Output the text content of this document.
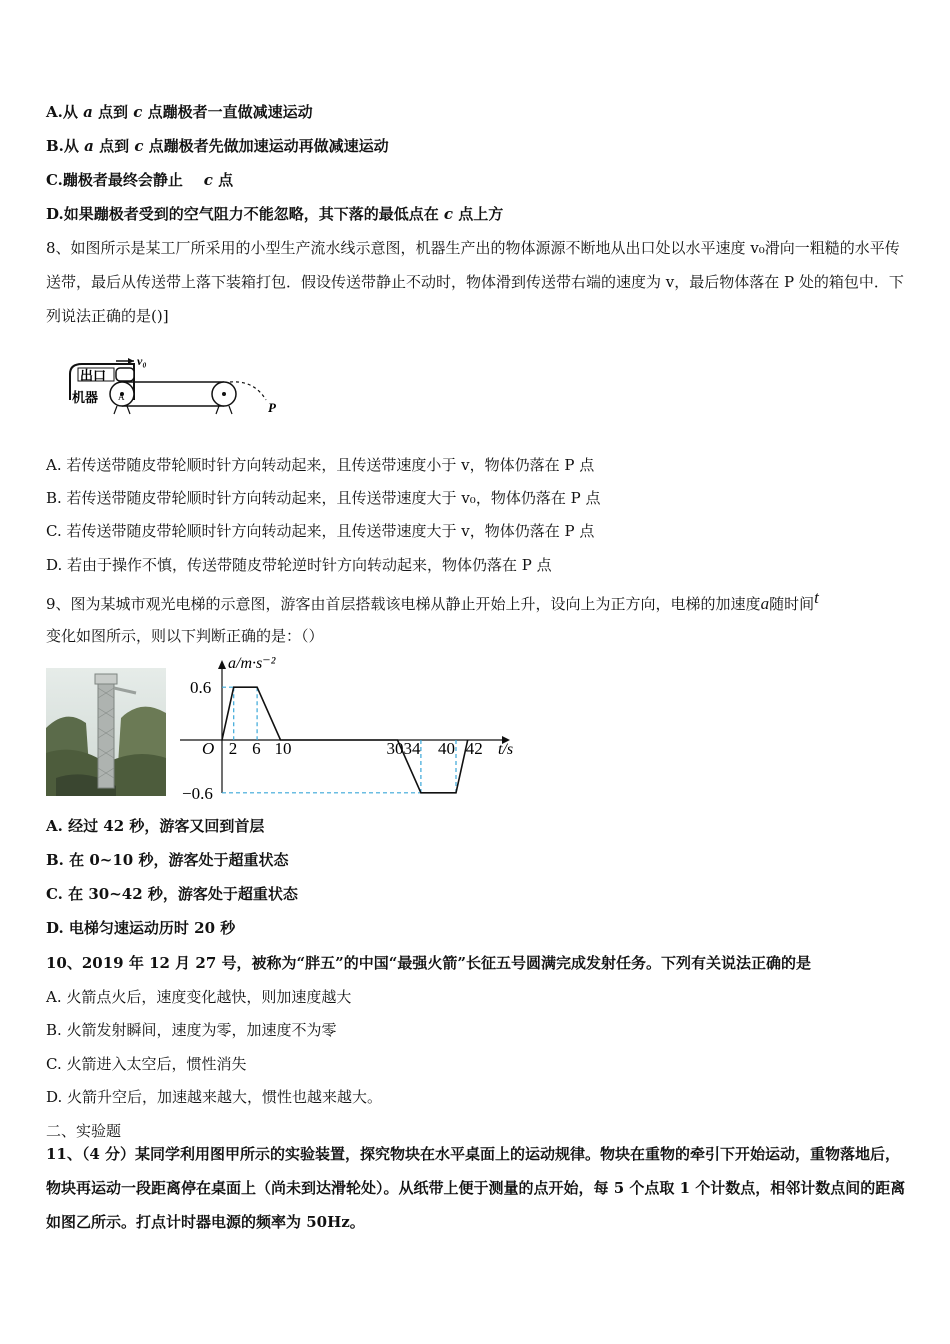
A.从 a 点到 c 点蹦极者一直做减速运动
B.从 a 点到 c 点蹦极者先做加速运动再做减速运动
C.蹦极者最终会静止    c 点
D.如果蹦极者受到的空气阻力不能忽略，其下落的最低点在 c 点上方
8、如图所示是某工厂所采用的小型生产流水线示意图，机器生产出的物体源源不断地从出口处以水平速度 v₀滑向一粗糙的水平传送带，最后从传送带上落下装箱打包．假设传送带静止不动时，物体滑到传送带右端的速度为 v，最后物体落在 P 处的箱包中．下列说法正确的是()]
出口
机器
v₀
A
P
A. 若传送带随皮带轮顺时针方向转动起来，且传送带速度小于 v，物体仍落在 P 点
B. 若传送带随皮带轮顺时针方向转动起来，且传送带速度大于 v₀，物体仍落在 P 点
C. 若传送带随皮带轮顺时针方向转动起来，且传送带速度大于 v，物体仍落在 P 点
D. 若由于操作不慎，传送带随皮带轮逆时针方向转动起来，物体仍落在 P 点
9、图为某城市观光电梯的示意图，游客由首层搭载该电梯从静止开始上升，设向上为正方向，电梯的加速度a随时间t
变化如图所示，则以下判断正确的是：（）
a/m·s⁻²
t/s
O
0.6
−0.6
2 6 10	3034 40 42
A. 经过 42 秒，游客又回到首层
B. 在 0~10 秒，游客处于超重状态
C. 在 30~42 秒，游客处于超重状态
D. 电梯匀速运动历时 20 秒
10、2019 年 12 月 27 号，被称为“胖五”的中国“最强火箭”长征五号圆满完成发射任务。下列有关说法正确的是
A. 火箭点火后，速度变化越快，则加速度越大
B. 火箭发射瞬间，速度为零，加速度不为零
C. 火箭进入太空后，惯性消失
D. 火箭升空后，加速越来越大，惯性也越来越大。
二、实验题
11、（4 分）某同学利用图甲所示的实验装置，探究物块在水平桌面上的运动规律。物块在重物的牵引下开始运动，重物落地后，物块再运动一段距离停在桌面上（尚未到达滑轮处）。从纸带上便于测量的点开始，每 5 个点取 1 个计数点，相邻计数点间的距离如图乙所示。打点计时器电源的频率为 50Hz。
